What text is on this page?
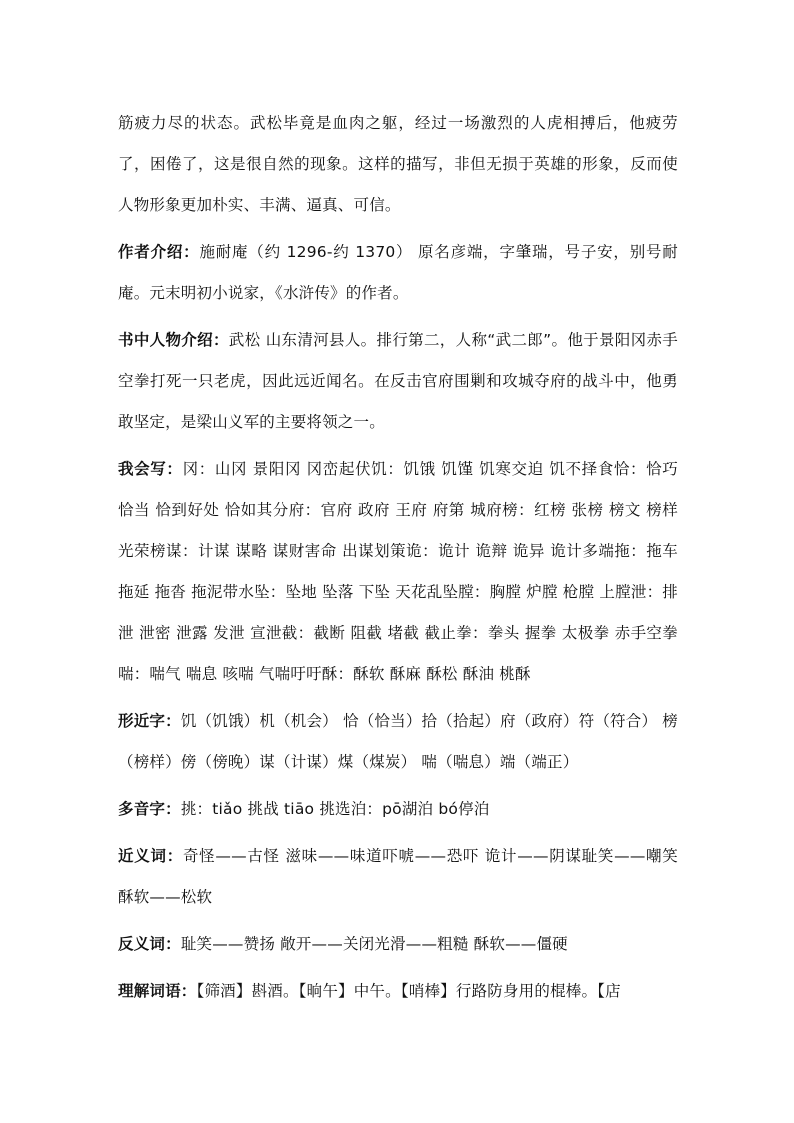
筋疲力尽的状态。武松毕竟是血肉之躯，经过一场激烈的人虎相搏后，他疲劳了，困倦了，这是很自然的现象。这样的描写，非但无损于英雄的形象，反而使人物形象更加朴实、丰满、逼真、可信。

作者介绍：施耐庵（约 1296-约 1370） 原名彦端，字肇瑞，号子安，别号耐庵。元末明初小说家，《水浒传》的作者。

书中人物介绍：武松 山东清河县人。排行第二，人称“武二郎”。他于景阳冈赤手空拳打死一只老虎，因此远近闻名。在反击官府围剿和攻城夺府的战斗中，他勇敢坚定，是梁山义军的主要将领之一。

我会写：冈：山冈 景阳冈 冈峦起伏饥：饥饿 饥馑 饥寒交迫 饥不择食恰：恰巧 恰当 恰到好处 恰如其分府：官府 政府 王府 府第 城府榜：红榜 张榜 榜文 榜样 光荣榜谋：计谋 谋略 谋财害命 出谋划策诡：诡计 诡辩 诡异 诡计多端拖：拖车 拖延 拖沓 拖泥带水坠：坠地 坠落 下坠 天花乱坠膛：胸膛 炉膛 枪膛 上膛泄：排泄 泄密 泄露 发泄 宣泄截：截断 阻截 堵截 截止拳：拳头 握拳 太极拳 赤手空拳喘：喘气 喘息 咳喘 气喘吁吁酥：酥软 酥麻 酥松 酥油 桃酥

形近字：饥（饥饿）机（机会） 恰（恰当）拾（拾起）府（政府）符（符合） 榜（榜样）傍（傍晚）谋（计谋）煤（煤炭） 喘（喘息）端（端正）

多音字：挑：tiǎo 挑战 tiāo 挑选泊：pō湖泊 bó停泊

近义词：奇怪——古怪 滋味——味道吓唬——恐吓 诡计——阴谋耻笑——嘲笑 酥软——松软

反义词：耻笑——赞扬 敞开——关闭光滑——粗糙 酥软——僵硬

理解词语：【筛酒】斟酒。【晌午】中午。【哨棒】行路防身用的棍棒。【店
